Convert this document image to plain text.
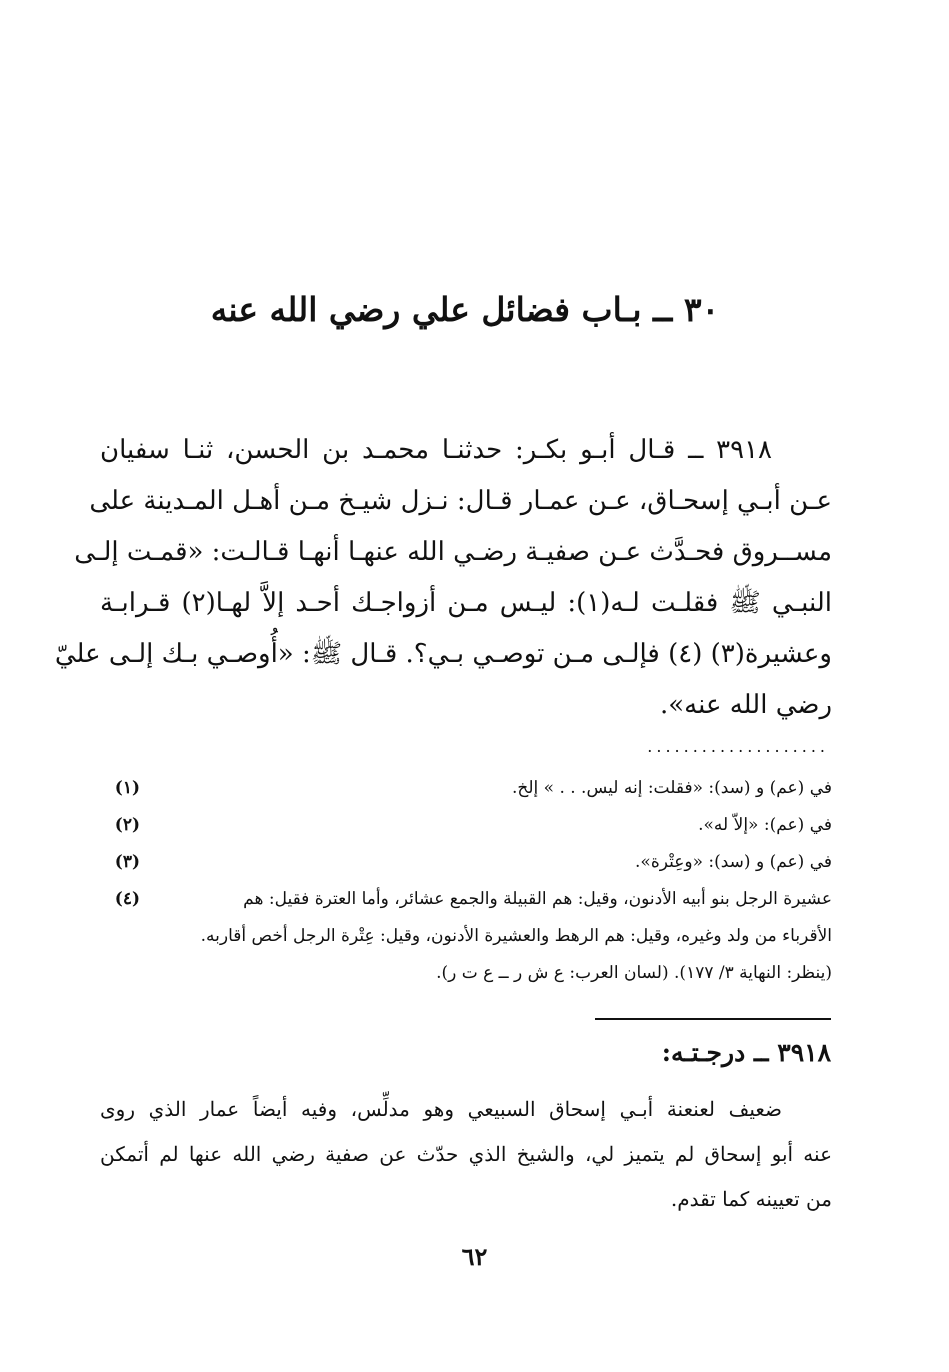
٣٠ ــ بـاب فضائل علي رضي الله عنه
٣٩١٨ ــ قـال أبـو بكـر: حدثنـا محمـد بن الحسن، ثنـا سفيان
عـن أبـي إسحـاق، عـن عمـار قـال: نـزل شيـخ مـن أهـل المـدينة على
مســروق فحـدَّث عـن صفيـة رضـي الله عنهـا أنهـا قـالـت: «قمـت إلـى
النبـي ﷺ فقلـت لـه(١): ليـس مـن أزواجـك أحـد إلاَّ لهـا(٢) قـرابـة
وعشيرة(٣) (٤) فإلـى مـن توصـي بـي؟. قـال ﷺ: «أُوصـي بـك إلـى عليّ
رضي الله عنه».
....................
(١)	في (عم) و (سد): «فقلت: إنه ليس. . . » إلخ.
(٢)	في (عم): «إلاّ له».
(٣)	في (عم) و (سد): «وعِتْرة».
(٤)	عشيرة الرجل بنو أبيه الأدنون، وقيل: هم القبيلة والجمع عشائر، وأما العترة فقيل: هم
الأقرباء من ولد وغيره، وقيل: هم الرهط والعشيرة الأدنون، وقيل: عِتْرة الرجل أخص أقاربه.
(ينظر: النهاية ٣/ ١٧٧). (لسان العرب: ع ش ر ــ ع ت ر).
٣٩١٨ ــ درجـتـه:
ضعيف لعنعنة أبـي إسحاق السبيعي وهو مدلِّس، وفيه أيضاً عمار الذي روى
عنه أبو إسحاق لم يتميز لي، والشيخ الذي حدّث عن صفية رضي الله عنها لم أتمكن
من تعيينه كما تقدم.
٦٢
